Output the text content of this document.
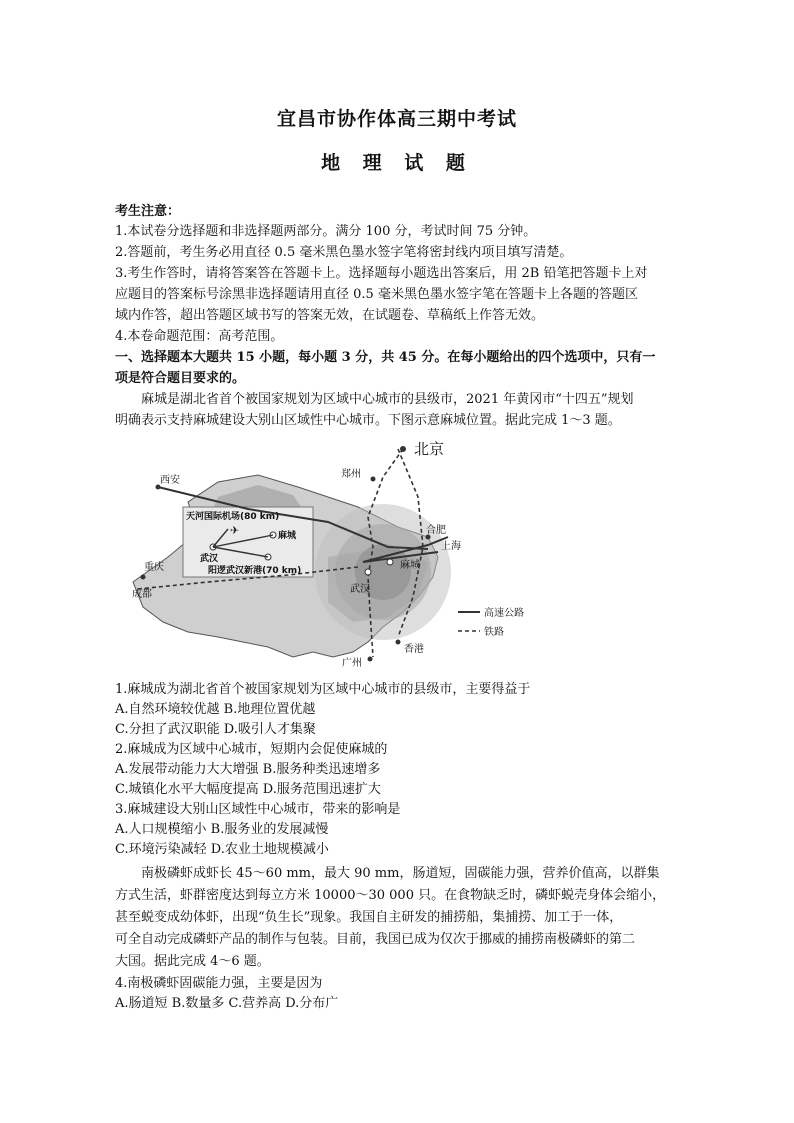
宜昌市协作体高三期中考试
地 理 试 题
考生注意：
1.本试卷分选择题和非选择题两部分。满分 100 分，考试时间 75 分钟。
2.答题前，考生务必用直径 0.5 毫米黑色墨水签字笔将密封线内项目填写清楚。
3.考生作答时，请将答案答在答题卡上。选择题每小题选出答案后，用 2B 铅笔把答题卡上对
应题目的答案标号涂黑非选择题请用直径 0.5 毫米黑色墨水签字笔在答题卡上各题的答题区
域内作答，超出答题区域书写的答案无效，在试题卷、草稿纸上作答无效。
4.本卷命题范围：高考范围。
一、选择题本大题共 15 小题，每小题 3 分，共 45 分。在每小题给出的四个选项中，只有一
项是符合题目要求的。
麻城是湖北省首个被国家规划为区域中心城市的县级市，2021 年黄冈市“十四五”规划
明确表示支持麻城建设大别山区域性中心城市。下图示意麻城位置。据此完成 1～3 题。
✈
北京
郑州
西安
合肥
上海
重庆
成都
麻城
武汉
广州
香港
天河国际机场(80 km)
麻城
武汉
阳逻武汉新港(70 km)
高速公路
铁路
1.麻城成为湖北省首个被国家规划为区域中心城市的县级市，主要得益于
A.自然环境较优越 B.地理位置优越
C.分担了武汉职能 D.吸引人才集聚
2.麻城成为区域中心城市，短期内会促使麻城的
A.发展带动能力大大增强 B.服务种类迅速增多
C.城镇化水平大幅度提高 D.服务范围迅速扩大
3.麻城建设大别山区域性中心城市，带来的影响是
A.人口规模缩小 B.服务业的发展减慢
C.环境污染减轻 D.农业土地规模减小
南极磷虾成虾长 45～60 mm，最大 90 mm，肠道短，固碳能力强，营养价值高，以群集
方式生活，虾群密度达到每立方米 10000～30 000 只。在食物缺乏时，磷虾蜕壳身体会缩小，
甚至蜕变成幼体虾，出现“负生长”现象。我国自主研发的捕捞船，集捕捞、加工于一体，
可全自动完成磷虾产品的制作与包装。目前，我国已成为仅次于挪威的捕捞南极磷虾的第二
大国。据此完成 4～6 题。
4.南极磷虾固碳能力强，主要是因为
A.肠道短 B.数量多 C.营养高 D.分布广
